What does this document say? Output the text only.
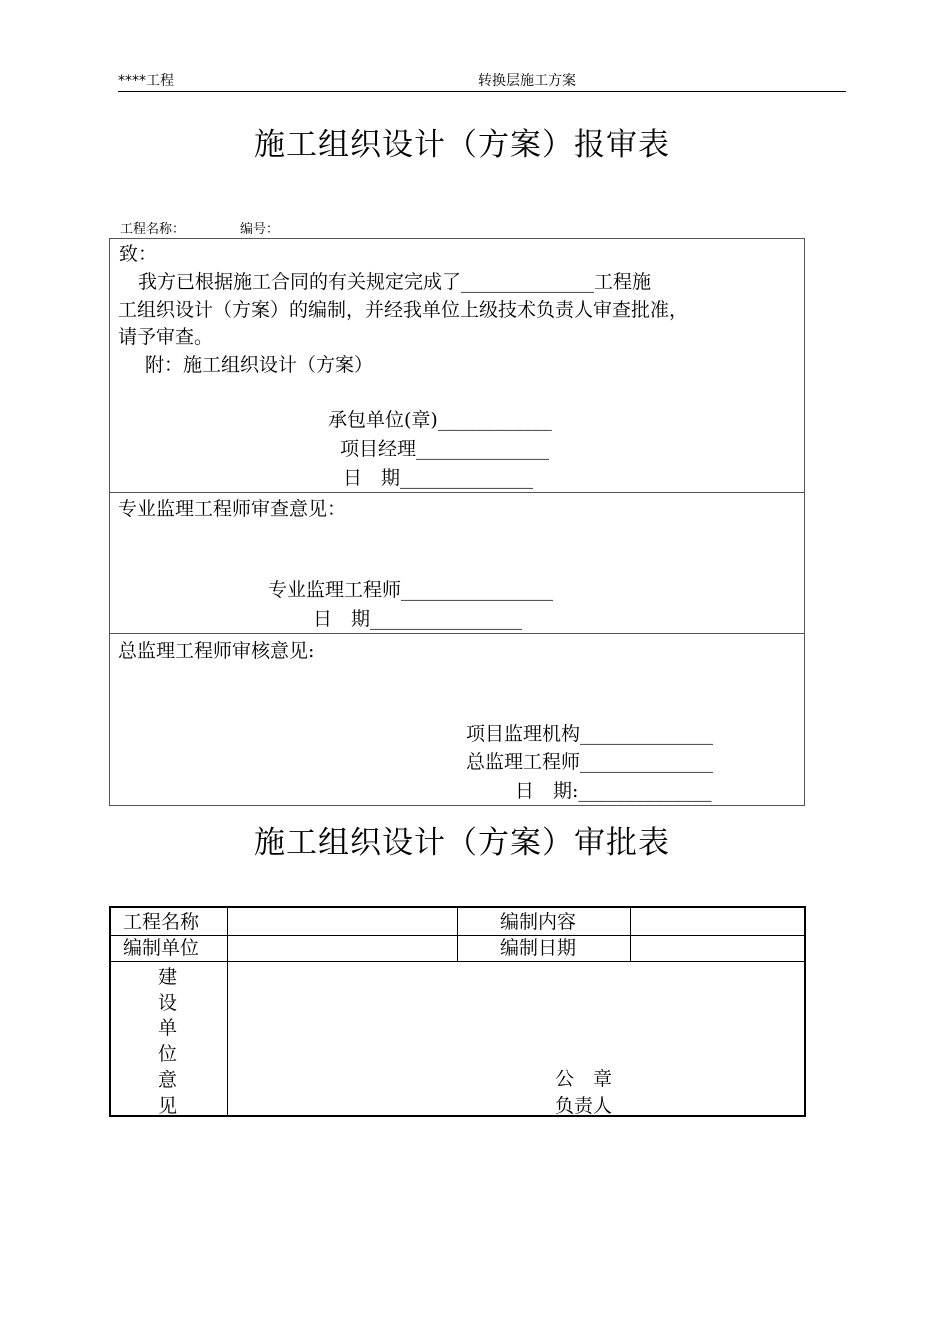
****工程	转换层施工方案
施工组织设计（方案）报审表
工程名称：	编号：
致：
我方已根据施工合同的有关规定完成了______________工程施
工组织设计（方案）的编制，并经我单位上级技术负责人审查批准，
请予审查。
附：施工组织设计（方案）
承包单位(章)____________
项目经理______________
日　期______________
专业监理工程师审查意见：
专业监理工程师________________
日　期________________
总监理工程师审核意见:
项目监理机构______________
总监理工程师______________
日　期:______________
施工组织设计（方案）审批表
工程名称	编制内容
编制单位	编制日期
建
设
单
位
意
见
公　章
负责人_____________
